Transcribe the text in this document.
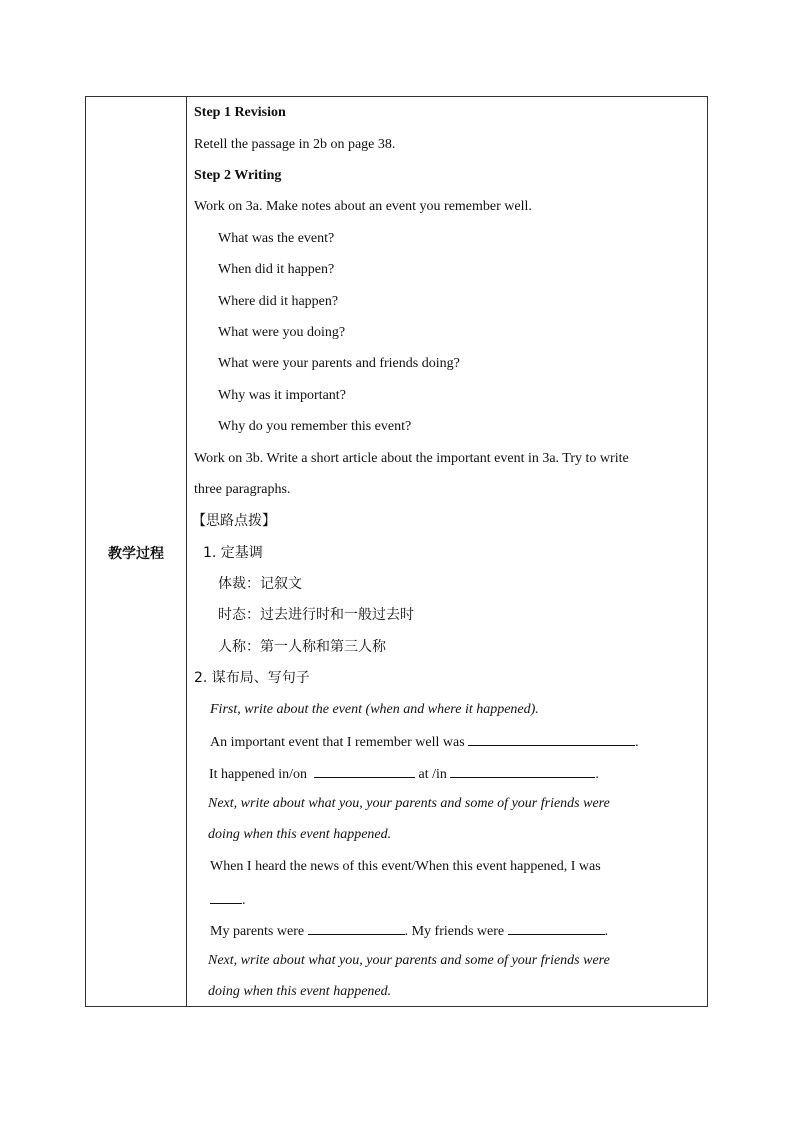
教学过程
Step 1 Revision
Retell the passage in 2b on page 38.
Step 2 Writing
Work on 3a. Make notes about an event you remember well.
What was the event?
When did it happen?
Where did it happen?
What were you doing?
What were your parents and friends doing?
Why was it important?
Why do you remember this event?
Work on 3b. Write a short article about the important event in 3a. Try to write
three paragraphs.
【思路点拨】
1. 定基调
体裁：记叙文
时态：过去进行时和一般过去时
人称：第一人称和第三人称
2. 谋布局、写句子
First, write about the event (when and where it happened).
An important event that I remember well was	.
It happened in/on	at /in	.
Next, write about what you, your parents and some of your friends were
doing when this event happened.
When I heard the news of this event/When this event happened, I was
.
My parents were	. My friends were	.
Next, write about what you, your parents and some of your friends were
doing when this event happened.
